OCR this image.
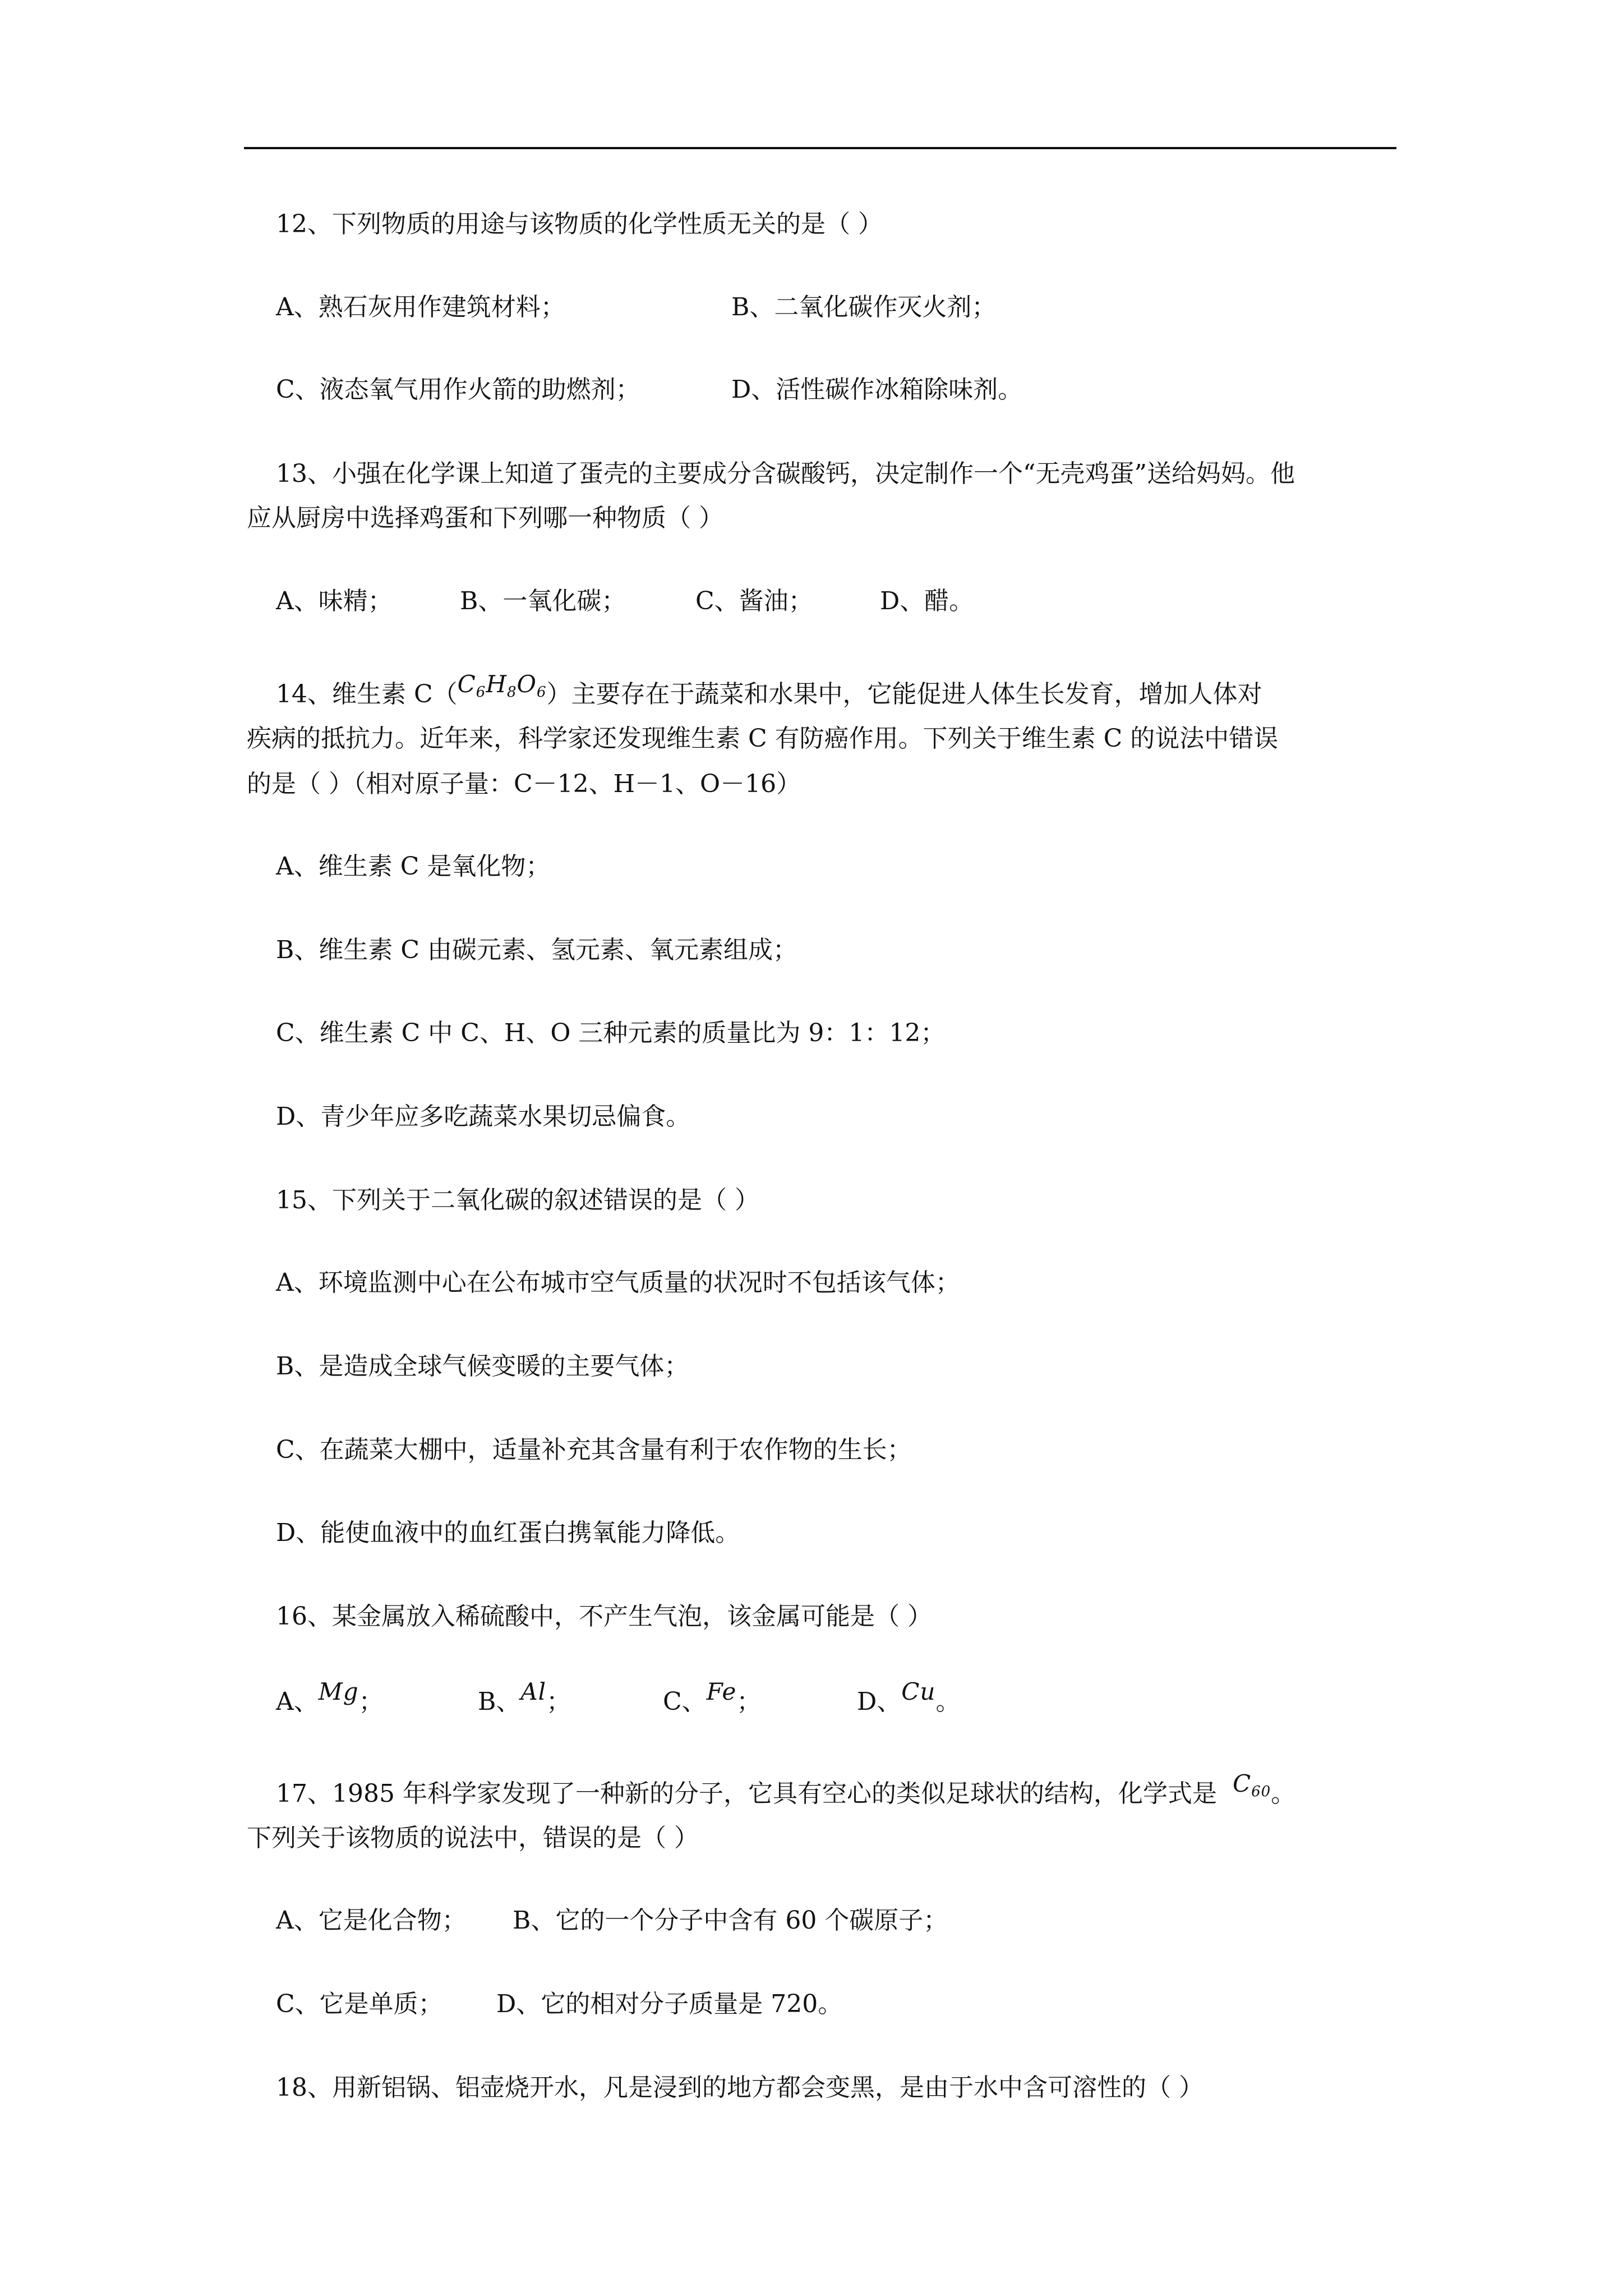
12、下列物质的用途与该物质的化学性质无关的是（ ）
A、熟石灰用作建筑材料；	B、二氧化碳作灭火剂；
C、液态氧气用作火箭的助燃剂；	D、活性碳作冰箱除味剂。
13、小强在化学课上知道了蛋壳的主要成分含碳酸钙，决定制作一个“无壳鸡蛋”送给妈妈。他
应从厨房中选择鸡蛋和下列哪一种物质（ ）
A、味精；	B、一氧化碳；	C、酱油；	D、醋。
14、维生素 $C(C_6H_8O_6)$主要存在于蔬菜和水果中，它能促进人体生长发育，增加人体对
疾病的抵抗力。近年来，科学家还发现维生素 C 有防癌作用。下列关于维生素 C 的说法中错误
的是（ ）（相对原子量：C－12、H－1、O－16）
A、维生素 C 是氧化物；
B、维生素 C 由碳元素、氢元素、氧元素组成；
C、维生素 C 中 C、H、O 三种元素的质量比为 9：1：12；
D、青少年应多吃蔬菜水果切忌偏食。
15、下列关于二氧化碳的叙述错误的是（ ）
A、环境监测中心在公布城市空气质量的状况时不包括该气体；
B、是造成全球气候变暖的主要气体；
C、在蔬菜大棚中，适量补充其含量有利于农作物的生长；
D、能使血液中的血红蛋白携氧能力降低。
16、某金属放入稀硫酸中，不产生气泡，该金属可能是（ ）
A、Mg；	B、Al；	C、Fe；	D、Cu。
17、1985 年科学家发现了一种新的分子，它具有空心的类似足球状的结构，化学式是 $C_{60}$。
下列关于该物质的说法中，错误的是（ ）
A、它是化合物； B、它的一个分子中含有 60 个碳原子；
C、它是单质； D、它的相对分子质量是 720。
18、用新铝锅、铝壶烧开水，凡是浸到的地方都会变黑，是由于水中含可溶性的（ ）
